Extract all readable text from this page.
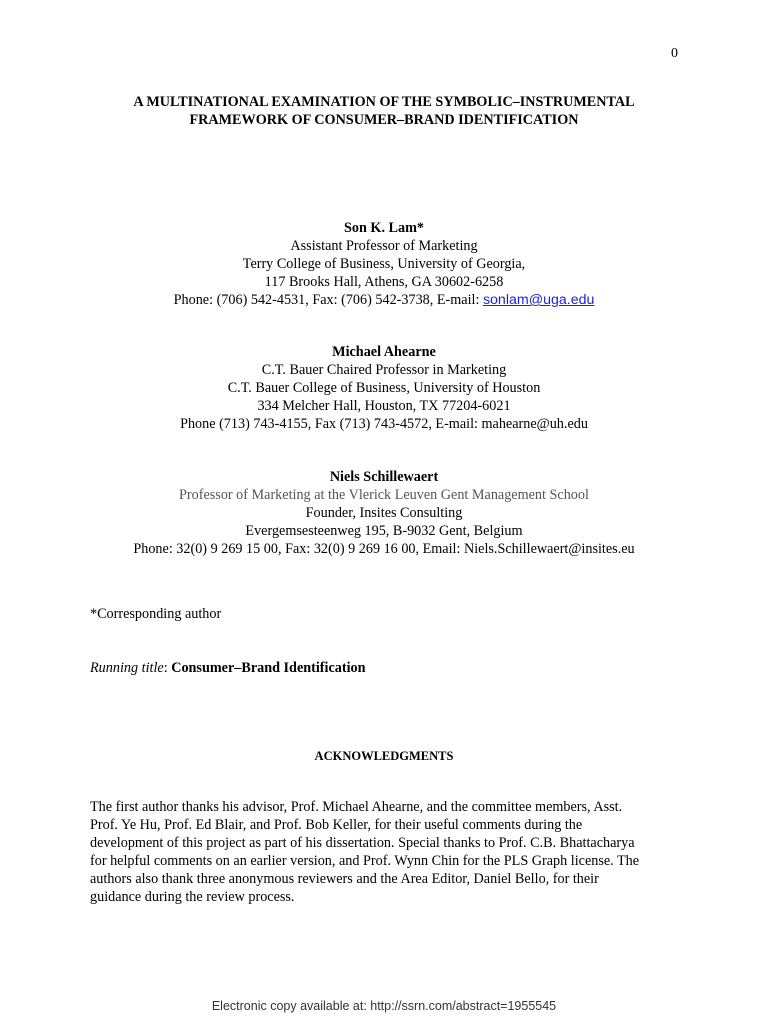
0
A MULTINATIONAL EXAMINATION OF THE SYMBOLIC–INSTRUMENTAL
FRAMEWORK OF CONSUMER–BRAND IDENTIFICATION
Son K. Lam*
Assistant Professor of Marketing
Terry College of Business, University of Georgia,
117 Brooks Hall, Athens, GA 30602-6258
Phone: (706) 542-4531, Fax: (706) 542-3738, E-mail: sonlam@uga.edu
Michael Ahearne
C.T. Bauer Chaired Professor in Marketing
C.T. Bauer College of Business, University of Houston
334 Melcher Hall, Houston, TX 77204-6021
Phone (713) 743-4155, Fax (713) 743-4572, E-mail: mahearne@uh.edu
Niels Schillewaert
Professor of Marketing at the Vlerick Leuven Gent Management School
Founder, Insites Consulting
Evergemsesteenweg 195, B-9032 Gent, Belgium
Phone: 32(0) 9 269 15 00, Fax: 32(0) 9 269 16 00, Email: Niels.Schillewaert@insites.eu
*Corresponding author
Running title: Consumer–Brand Identification
ACKNOWLEDGMENTS
The first author thanks his advisor, Prof. Michael Ahearne, and the committee members, Asst.
Prof. Ye Hu, Prof. Ed Blair, and Prof. Bob Keller, for their useful comments during the
development of this project as part of his dissertation. Special thanks to Prof. C.B. Bhattacharya
for helpful comments on an earlier version, and Prof. Wynn Chin for the PLS Graph license. The
authors also thank three anonymous reviewers and the Area Editor, Daniel Bello, for their
guidance during the review process.
Electronic copy available at: http://ssrn.com/abstract=1955545
